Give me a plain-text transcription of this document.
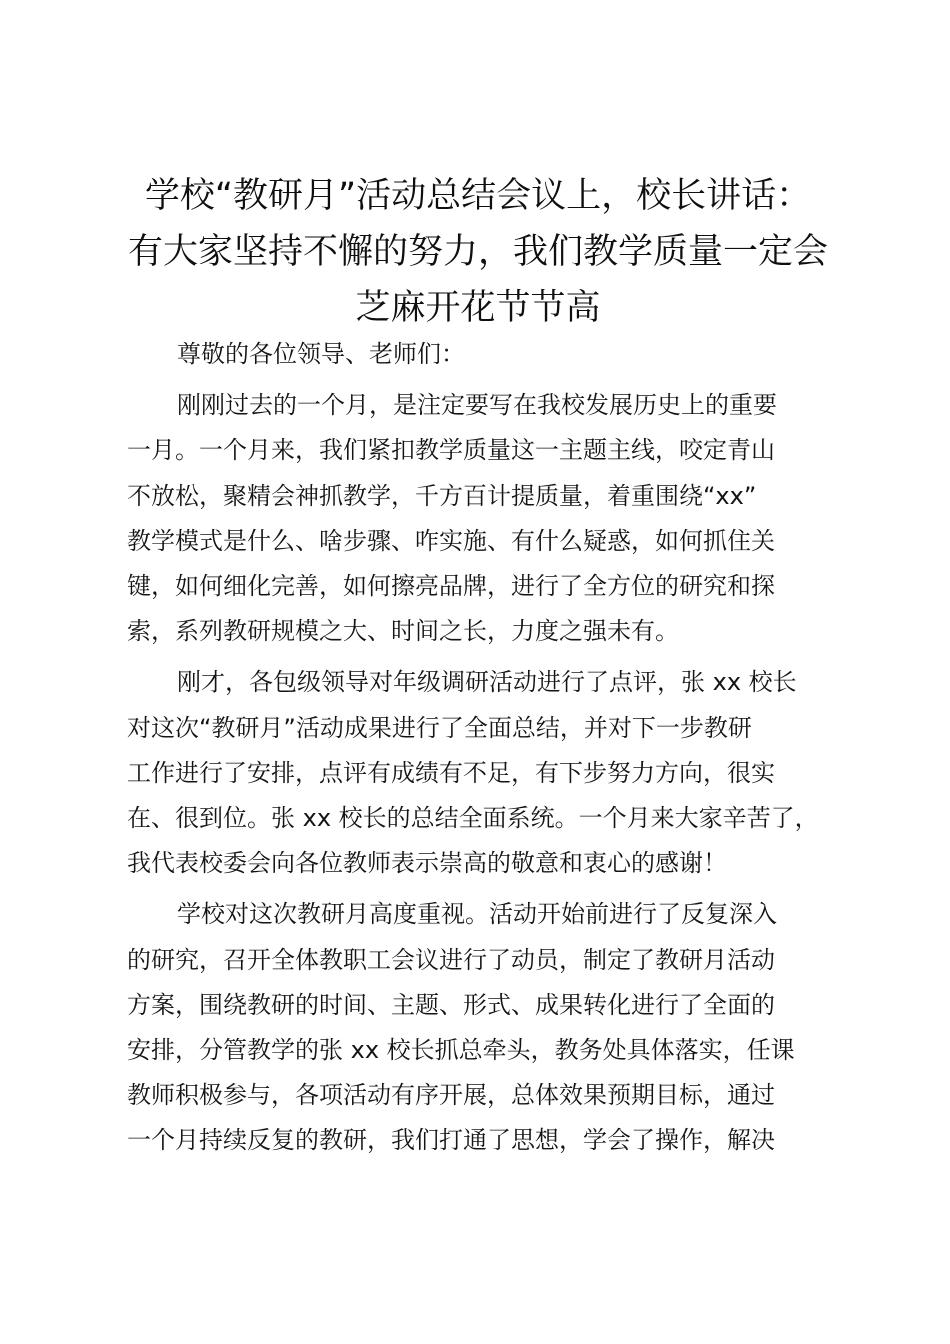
学校“教研月”活动总结会议上，校长讲话：
有大家坚持不懈的努力，我们教学质量一定会
芝麻开花节节高

尊敬的各位领导、老师们：

刚刚过去的一个月，是注定要写在我校发展历史上的重要
一月。一个月来，我们紧扣教学质量这一主题主线，咬定青山
不放松，聚精会神抓教学，千方百计提质量，着重围绕“xx”
教学模式是什么、啥步骤、咋实施、有什么疑惑，如何抓住关
键，如何细化完善，如何擦亮品牌，进行了全方位的研究和探
索，系列教研规模之大、时间之长，力度之强未有。

刚才，各包级领导对年级调研活动进行了点评，张 xx 校长
对这次“教研月”活动成果进行了全面总结，并对下一步教研
工作进行了安排，点评有成绩有不足，有下步努力方向，很实
在、很到位。张 xx 校长的总结全面系统。一个月来大家辛苦了，
我代表校委会向各位教师表示崇高的敬意和衷心的感谢！

学校对这次教研月高度重视。活动开始前进行了反复深入
的研究，召开全体教职工会议进行了动员，制定了教研月活动
方案，围绕教研的时间、主题、形式、成果转化进行了全面的
安排，分管教学的张 xx 校长抓总牵头，教务处具体落实，任课
教师积极参与，各项活动有序开展，总体效果预期目标，通过
一个月持续反复的教研，我们打通了思想，学会了操作，解决
